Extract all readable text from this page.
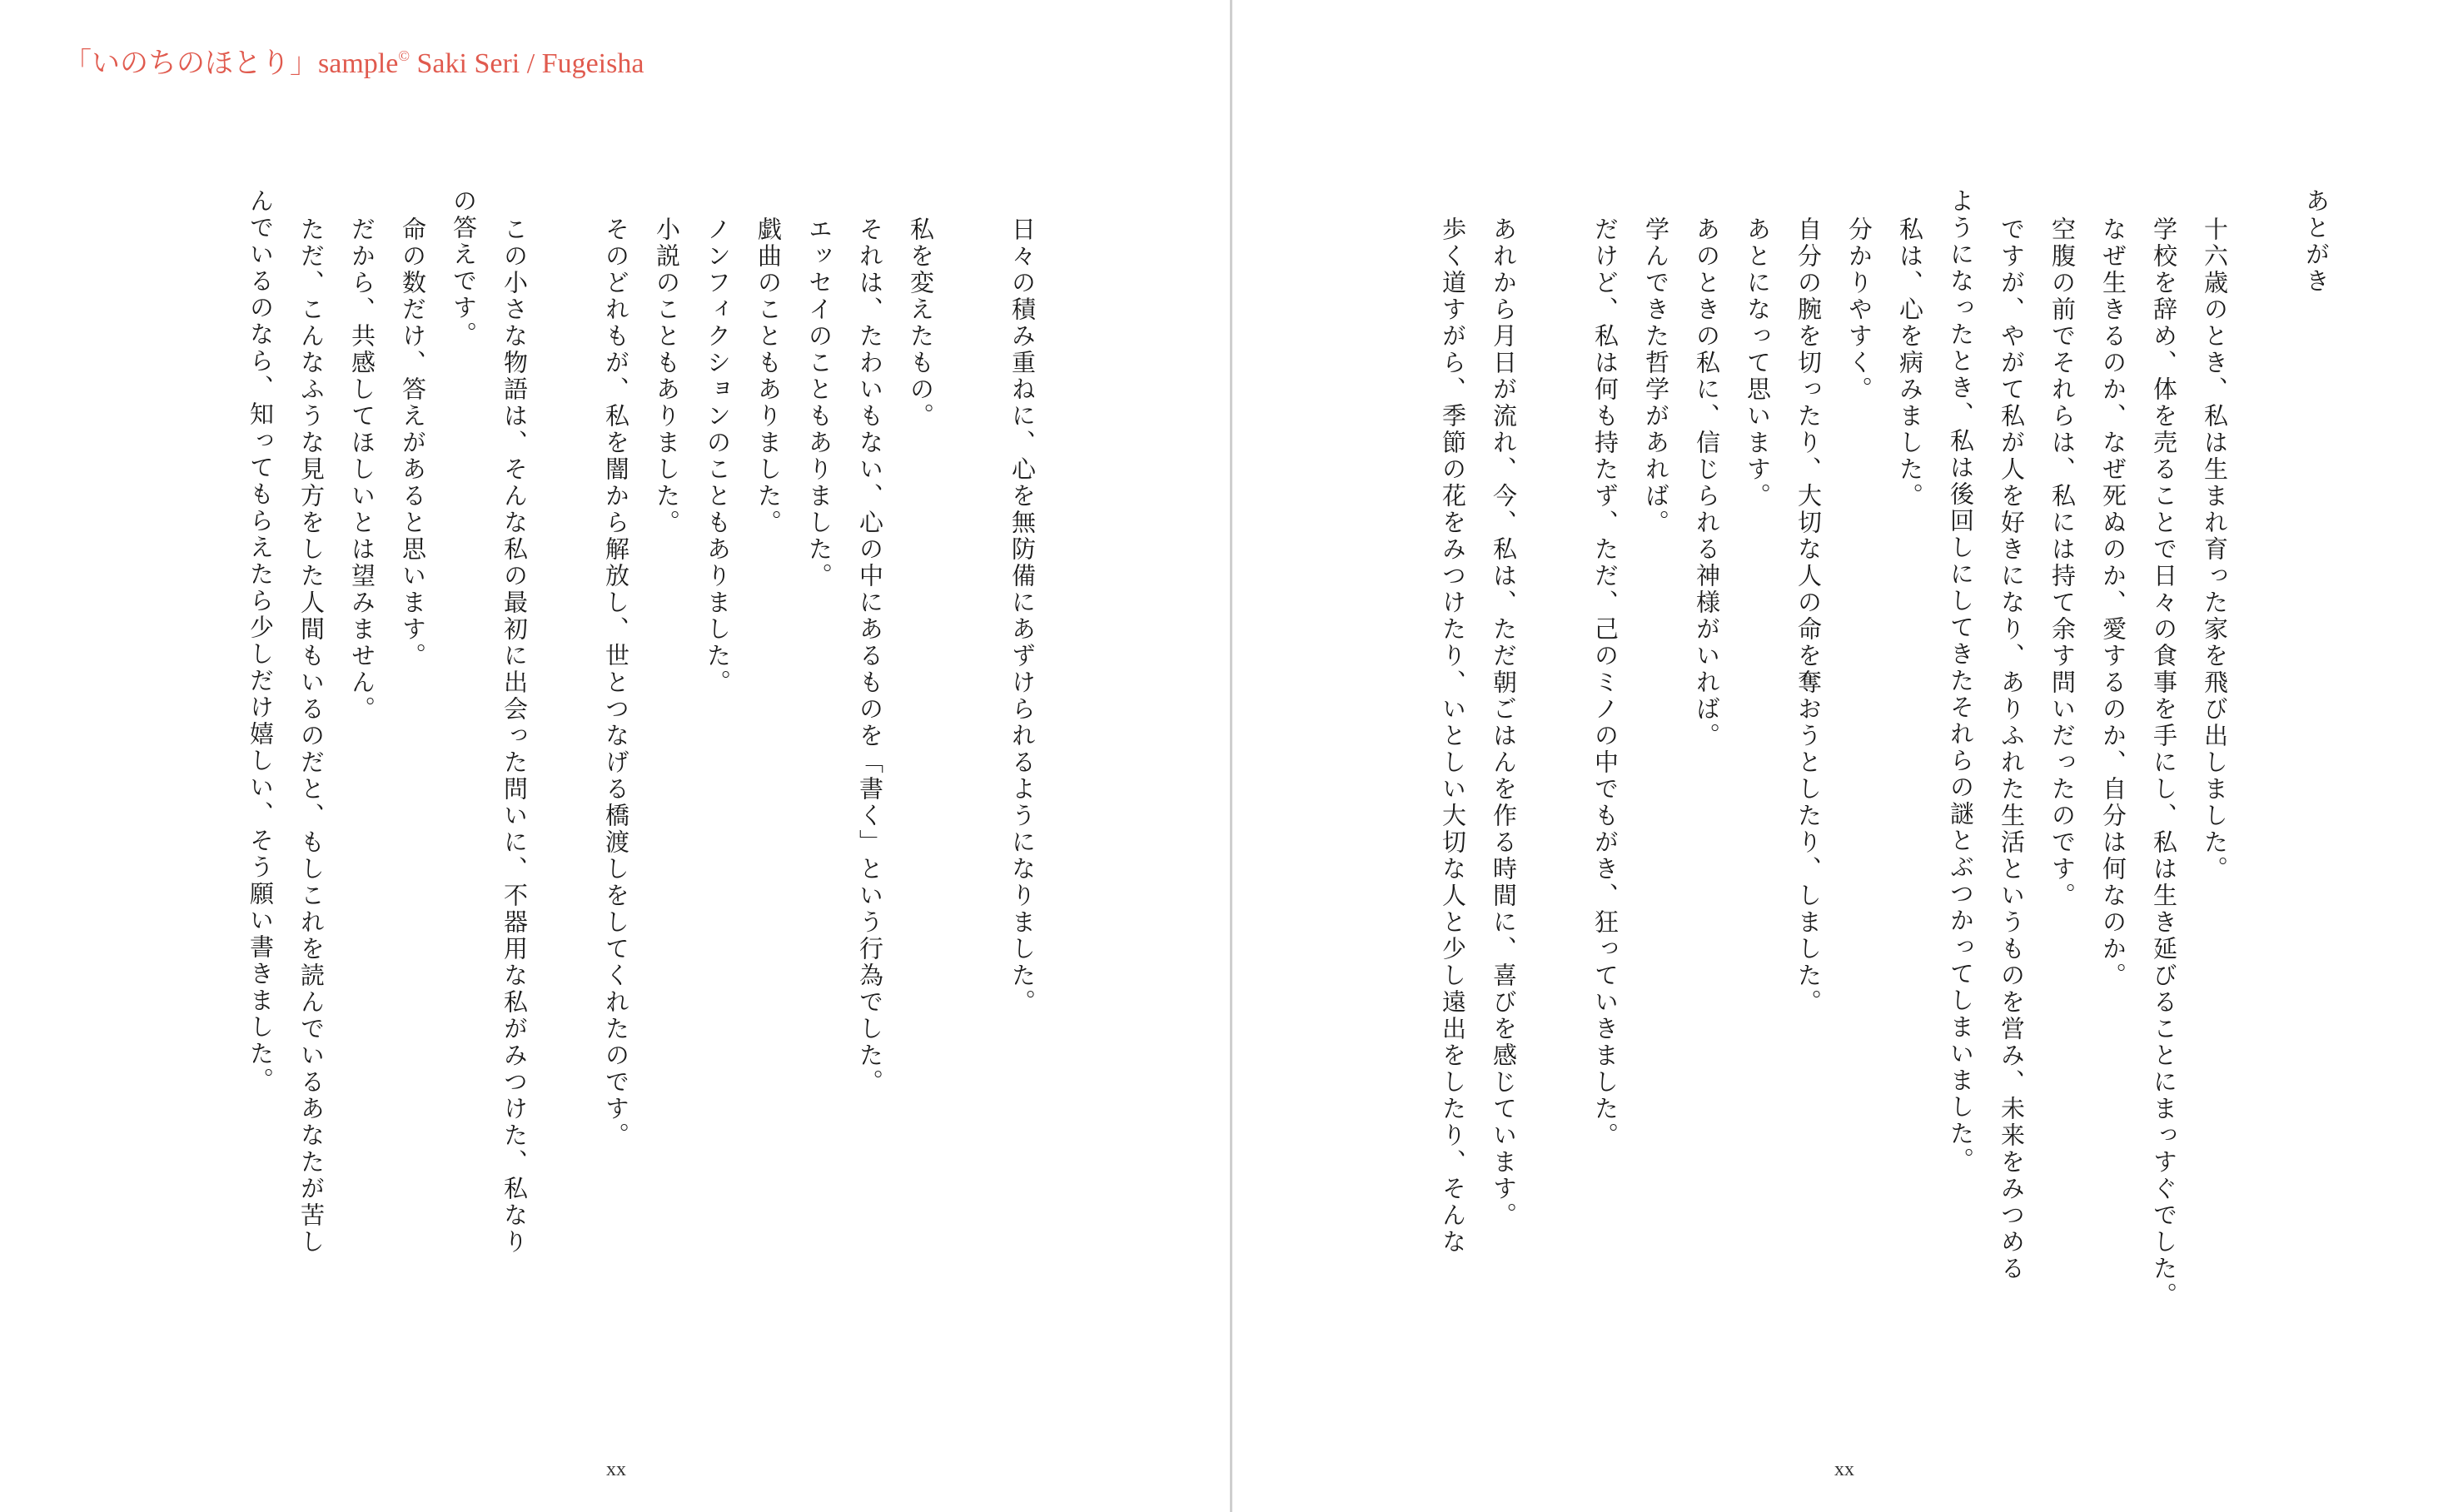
「いのちのほとり」sample© Saki Seri / Fugeisha
日々の積み重ねに、心を無防備にあずけられるようになりました。
私を変えたもの。
それは、たわいもない、心の中にあるものを「書く」という行為でした。
エッセイのこともありました。
戯曲のこともありました。
ノンフィクションのこともありました。
小説のこともありました。
そのどれもが、私を闇から解放し、世とつなげる橋渡しをしてくれたのです。
この小さな物語は、そんな私の最初に出会った問いに、不器用な私がみつけた、私なり
の答えです。
命の数だけ、答えがあると思います。
だから、共感してほしいとは望みません。
ただ、こんなふうな見方をした人間もいるのだと、もしこれを読んでいるあなたが苦し
んでいるのなら、知ってもらえたら少しだけ嬉しい、そう願い書きました。
xx
あとがき
十六歳のとき、私は生まれ育った家を飛び出しました。
学校を辞め、体を売ることで日々の食事を手にし、私は生き延びることにまっすぐでした。
なぜ生きるのか、なぜ死ぬのか、愛するのか、自分は何なのか。
空腹の前でそれらは、私には持て余す問いだったのです。
ですが、やがて私が人を好きになり、ありふれた生活というものを営み、未来をみつめる
ようになったとき、私は後回しにしてきたそれらの謎とぶつかってしまいました。
私は、心を病みました。
分かりやすく。
自分の腕を切ったり、大切な人の命を奪おうとしたり、しました。
あとになって思います。
あのときの私に、信じられる神様がいれば。
学んできた哲学があれば。
だけど、私は何も持たず、ただ、己のミノの中でもがき、狂っていきました。
あれから月日が流れ、今、私は、ただ朝ごはんを作る時間に、喜びを感じています。
歩く道すがら、季節の花をみつけたり、いとしい大切な人と少し遠出をしたり、そんな
xx
